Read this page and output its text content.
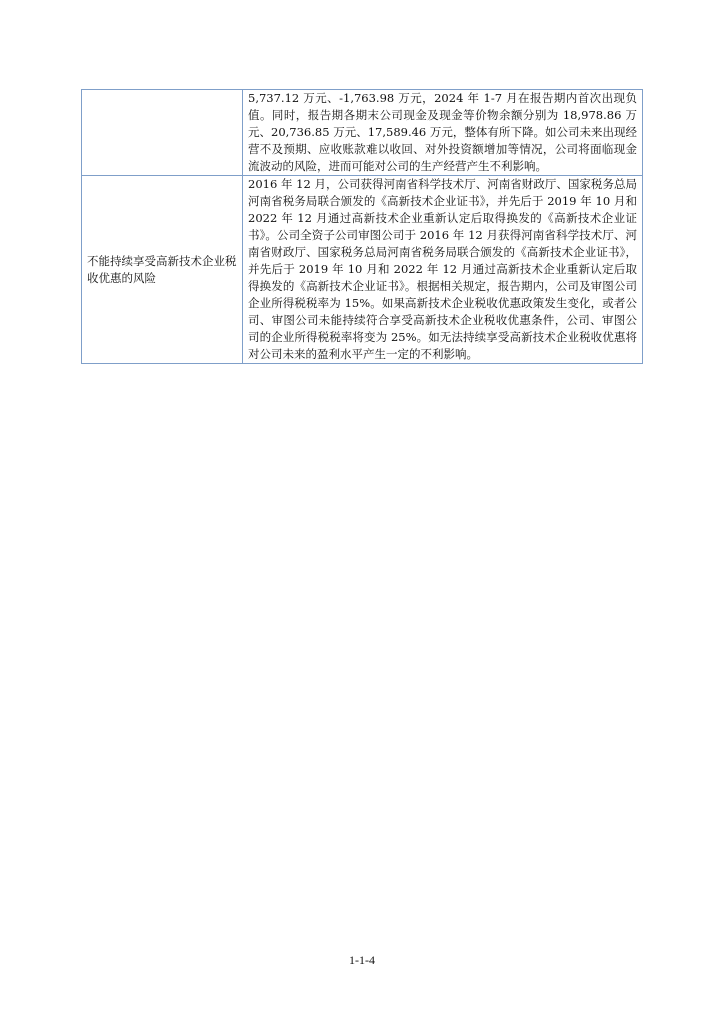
	5,737.12 万元、-1,763.98 万元，2024 年 1-7 月在报告期内首次出现负值。同时，报告期各期末公司现金及现金等价物余额分别为 18,978.86 万元、20,736.85 万元、17,589.46 万元，整体有所下降。如公司未来出现经营不及预期、应收账款难以收回、对外投资额增加等情况，公司将面临现金流波动的风险，进而可能对公司的生产经营产生不利影响。
不能持续享受高新技术企业税收优惠的风险	2016 年 12 月，公司获得河南省科学技术厅、河南省财政厅、国家税务总局河南省税务局联合颁发的《高新技术企业证书》，并先后于 2019 年 10 月和 2022 年 12 月通过高新技术企业重新认定后取得换发的《高新技术企业证书》。公司全资子公司审图公司于 2016 年 12 月获得河南省科学技术厅、河南省财政厅、国家税务总局河南省税务局联合颁发的《高新技术企业证书》，并先后于 2019 年 10 月和 2022 年 12 月通过高新技术企业重新认定后取得换发的《高新技术企业证书》。根据相关规定，报告期内，公司及审图公司企业所得税税率为 15%。如果高新技术企业税收优惠政策发生变化，或者公司、审图公司未能持续符合享受高新技术企业税收优惠条件，公司、审图公司的企业所得税税率将变为 25%。如无法持续享受高新技术企业税收优惠将对公司未来的盈利水平产生一定的不利影响。
1-1-4
